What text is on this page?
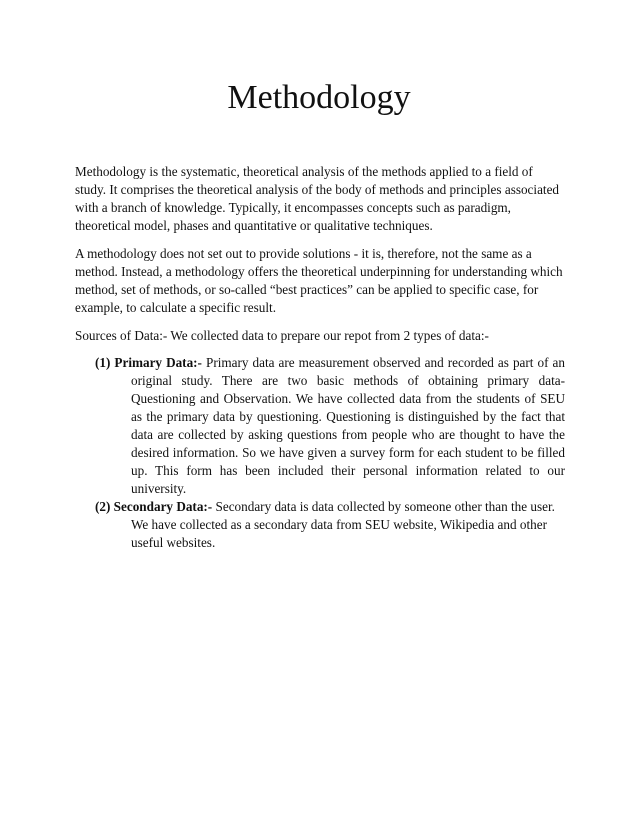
Methodology

Methodology is the systematic, theoretical analysis of the methods applied to a field of study. It comprises the theoretical analysis of the body of methods and principles associated with a branch of knowledge. Typically, it encompasses concepts such as paradigm, theoretical model, phases and quantitative or qualitative techniques.

A methodology does not set out to provide solutions - it is, therefore, not the same as a method. Instead, a methodology offers the theoretical underpinning for understanding which method, set of methods, or so-called “best practices” can be applied to specific case, for example, to calculate a specific result.

Sources of Data:- We collected data to prepare our repot from 2 types of data:-

(1) Primary Data:- Primary data are measurement observed and recorded as part of an original study. There are two basic methods of obtaining primary data- Questioning and Observation. We have collected data from the students of SEU as the primary data by questioning. Questioning is distinguished by the fact that data are collected by asking questions from people who are thought to have the desired information. So we have given a survey form for each student to be filled up. This form has been included their personal information related to our university.

(2) Secondary Data:- Secondary data is data collected by someone other than the user. We have collected as a secondary data from SEU website, Wikipedia and other useful websites.
